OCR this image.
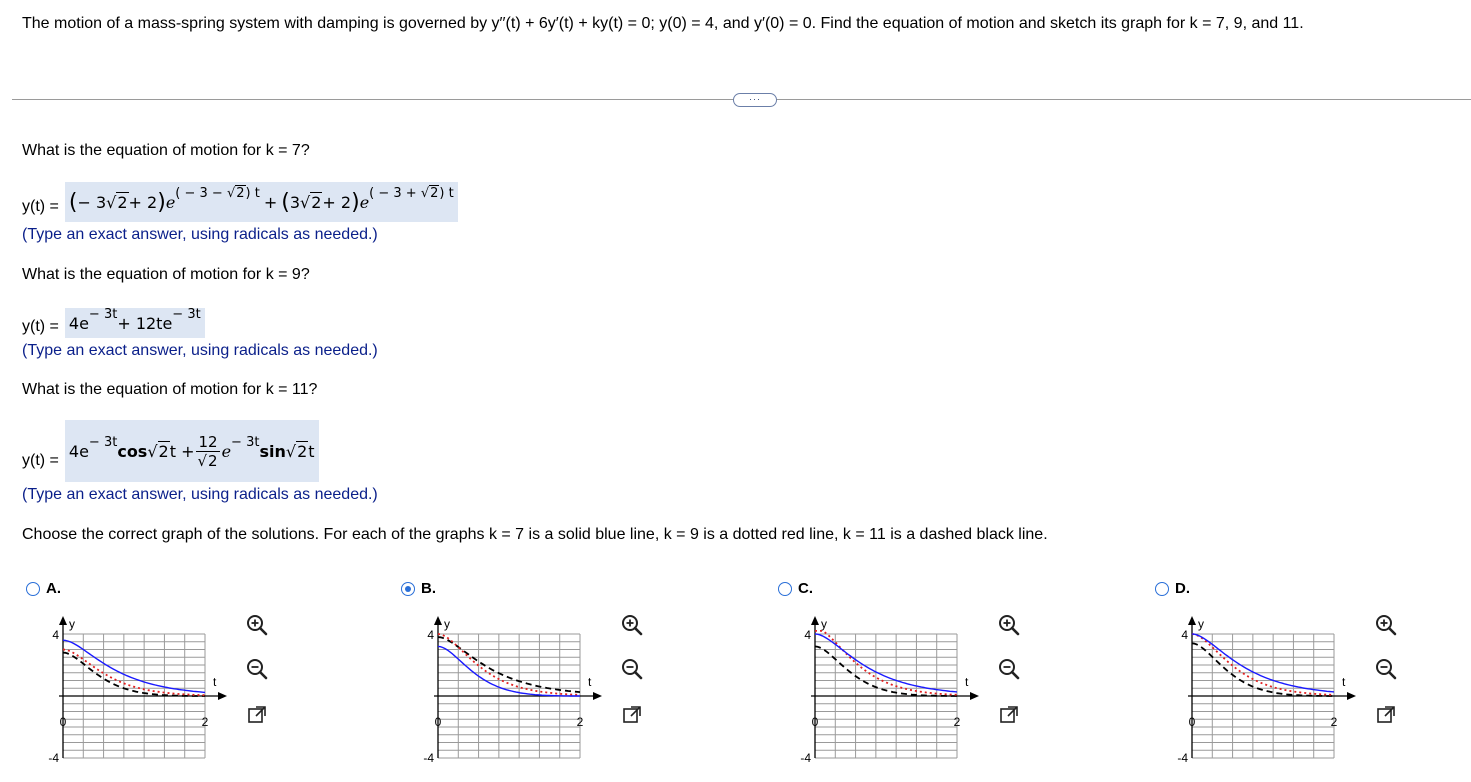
The motion of a mass-spring system with damping is governed by y′′(t) + 6y′(t) + ky(t) = 0; y(0) = 4, and y′(0) = 0. Find the equation of motion and sketch its graph for k = 7, 9, and 11.
···
What is the equation of motion for k = 7?
y(t) = ( − 3 √2 + 2 ) e ( − 3 − √2) t + ( 3 √2 + 2 ) e ( − 3 + √2) t
(Type an exact answer, using radicals as needed.)
What is the equation of motion for k = 9?
y(t) = 4e − 3t + 12te − 3t
(Type an exact answer, using radicals as needed.)
What is the equation of motion for k = 11?
y(t) = 4e − 3t cos √2 $t + \frac{12}{√2}$ e − 3t sin √2 t
(Type an exact answer, using radicals as needed.)
Choose the correct graph of the solutions. For each of the graphs k = 7 is a solid blue line, k = 9 is a dotted red line, k = 11 is a dashed black line.
A.
y
4
-4
0	2
t
B.
y
4
-4
0	2
t
C.
y
4
-4
0	2
t
D.
y
4
-4
0	2
t
